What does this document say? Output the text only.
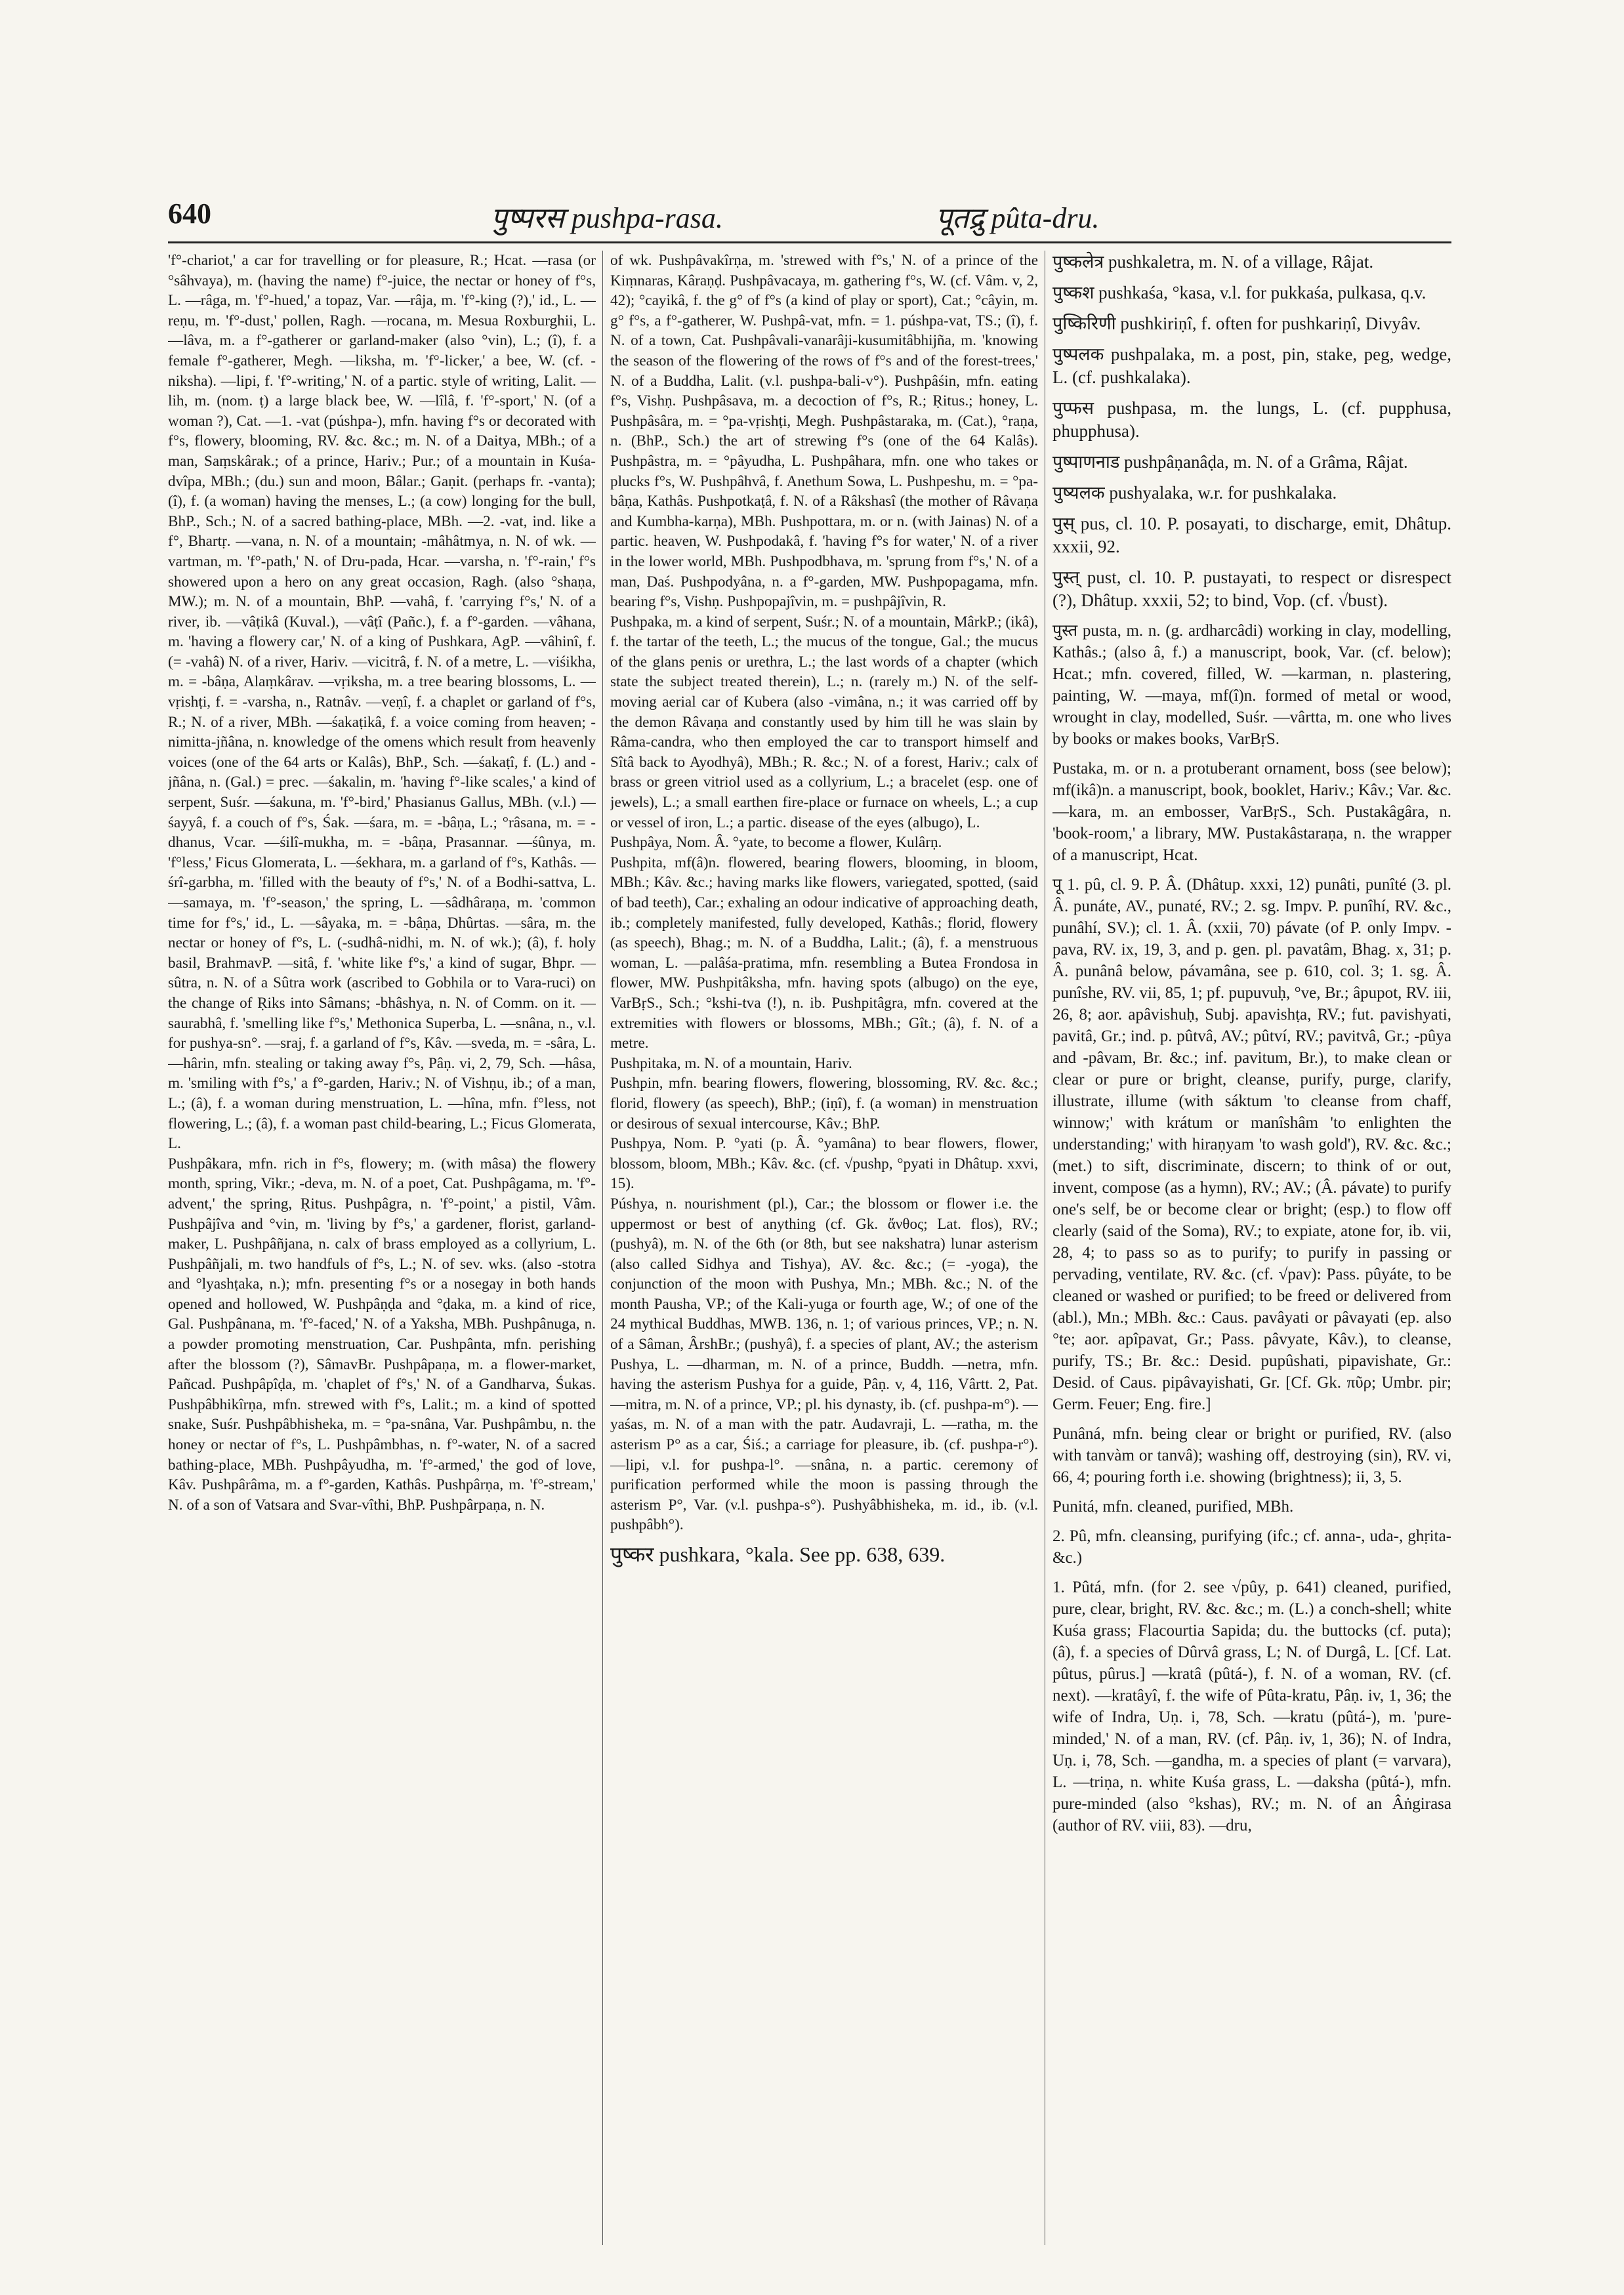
640	पुष्परस pushpa-rasa.	पूतद्रु pûta-dru.

'f°-chariot,' a car for travelling or for pleasure, R.; Hcat. —rasa (or °sâhvaya), m. (having the name) f°-juice, the nectar or honey of f°s, L. —râga, m. 'f°-hued,' a topaz, Var. —râja, m. 'f°-king (?),' id., L. —reṇu, m. 'f°-dust,' pollen, Ragh. —rocana, m. Mesua Roxburghii, L. —lâva, m. a f°-gatherer or garland-maker (also °vin), L.; (î), f. a female f°-gatherer, Megh. —liksha, m. 'f°-licker,' a bee, W. (cf. -niksha). —lipi, f. 'f°-writing,' N. of a partic. style of writing, Lalit. —lih, m. (nom. ṭ) a large black bee, W. —lîlâ, f. 'f°-sport,' N. (of a woman ?), Cat. —1. -vat (púshpa-), mfn. having f°s or decorated with f°s, flowery, blooming, RV. &c. &c.; m. N. of a Daitya, MBh.; of a man, Saṃskârak.; of a prince, Hariv.; Pur.; of a mountain in Kuśa-dvîpa, MBh.; (du.) sun and moon, Bâlar.; Gaṇit. (perhaps fr. -vanta); (î), f. (a woman) having the menses, L.; (a cow) longing for the bull, BhP., Sch.; N. of a sacred bathing-place, MBh. —2. -vat, ind. like a f°, Bhartṛ. —vana, n. N. of a mountain; -mâhâtmya, n. N. of wk. —vartman, m. 'f°-path,' N. of Dru-pada, Hcar. —varsha, n. 'f°-rain,' f°s showered upon a hero on any great occasion, Ragh. (also °shaṇa, MW.); m. N. of a mountain, BhP. —vahâ, f. 'carrying f°s,' N. of a river, ib. —vâṭikâ (Kuval.), —vâṭî (Pañc.), f. a f°-garden. —vâhana, m. 'having a flowery car,' N. of a king of Pushkara, AgP. —vâhinî, f. (= -vahâ) N. of a river, Hariv. —vicitrâ, f. N. of a metre, L. —viśikha, m. = -bâṇa, Alaṃkârav. —vṛiksha, m. a tree bearing blossoms, L. —vṛishṭi, f. = -varsha, n., Ratnâv. —veṇî, f. a chaplet or garland of f°s, R.; N. of a river, MBh. —śakaṭikâ, f. a voice coming from heaven; -nimitta-jñâna, n. knowledge of the omens which result from heavenly voices (one of the 64 arts or Kalâs), BhP., Sch. —śakaṭî, f. (L.) and -jñâna, n. (Gal.) = prec. —śakalin, m. 'having f°-like scales,' a kind of serpent, Suśr. —śakuna, m. 'f°-bird,' Phasianus Gallus, MBh. (v.l.) —śayyâ, f. a couch of f°s, Śak. —śara, m. = -bâṇa, L.; °râsana, m. = -dhanus, Vcar. —śilî-mukha, m. = -bâṇa, Prasannar. —śûnya, m. 'f°less,' Ficus Glomerata, L. —śekhara, m. a garland of f°s, Kathâs. —śrî-garbha, m. 'filled with the beauty of f°s,' N. of a Bodhi-sattva, L. —samaya, m. 'f°-season,' the spring, L. —sâdhâraṇa, m. 'common time for f°s,' id., L. —sâyaka, m. = -bâṇa, Dhûrtas. —sâra, m. the nectar or honey of f°s, L. (-sudhâ-nidhi, m. N. of wk.); (â), f. holy basil, BrahmavP. —sitâ, f. 'white like f°s,' a kind of sugar, Bhpr. —sûtra, n. N. of a Sûtra work (ascribed to Gobhila or to Vara-ruci) on the change of Ṛiks into Sâmans; -bhâshya, n. N. of Comm. on it. —saurabhâ, f. 'smelling like f°s,' Methonica Superba, L. —snâna, n., v.l. for pushya-sn°. —sraj, f. a garland of f°s, Kâv. —sveda, m. = -sâra, L. —hârin, mfn. stealing or taking away f°s, Pâṇ. vi, 2, 79, Sch. —hâsa, m. 'smiling with f°s,' a f°-garden, Hariv.; N. of Vishṇu, ib.; of a man, L.; (â), f. a woman during menstruation, L. —hîna, mfn. f°less, not flowering, L.; (â), f. a woman past child-bearing, L.; Ficus Glomerata, L.

Pushpâkara, mfn. rich in f°s, flowery; m. (with mâsa) the flowery month, spring, Vikr.; -deva, m. N. of a poet, Cat. Pushpâgama, m. 'f°-advent,' the spring, Ṛitus. Pushpâgra, n. 'f°-point,' a pistil, Vâm. Pushpâjîva and °vin, m. 'living by f°s,' a gardener, florist, garland-maker, L. Pushpâñjana, n. calx of brass employed as a collyrium, L. Pushpâñjali, m. two handfuls of f°s, L.; N. of sev. wks. (also -stotra and °lyashṭaka, n.); mfn. presenting f°s or a nosegay in both hands opened and hollowed, W. Pushpâṇḍa and °ḍaka, m. a kind of rice, Gal. Pushpânana, m. 'f°-faced,' N. of a Yaksha, MBh. Pushpânuga, n. a powder promoting menstruation, Car. Pushpânta, mfn. perishing after the blossom (?), SâmavBr. Pushpâpaṇa, m. a flower-market, Pañcad. Pushpâpîḍa, m. 'chaplet of f°s,' N. of a Gandharva, Śukas. Pushpâbhikîrṇa, mfn. strewed with f°s, Lalit.; m. a kind of spotted snake, Suśr. Pushpâbhisheka, m. = °pa-snâna, Var. Pushpâmbu, n. the honey or nectar of f°s, L. Pushpâmbhas, n. f°-water, N. of a sacred bathing-place, MBh. Pushpâyudha, m. 'f°-armed,' the god of love, Kâv. Pushpârâma, m. a f°-garden, Kathâs. Pushpârṇa, m. 'f°-stream,' N. of a son of Vatsara and Svar-vîthi, BhP. Pushpârpaṇa, n. N.

of wk. Pushpâvakîrṇa, m. 'strewed with f°s,' N. of a prince of the Kiṃnaras, Kâraṇḍ. Pushpâvacaya, m. gathering f°s, W. (cf. Vâm. v, 2, 42); °cayikâ, f. the g° of f°s (a kind of play or sport), Cat.; °câyin, m. g° f°s, a f°-gatherer, W. Pushpâ-vat, mfn. = 1. púshpa-vat, TS.; (î), f. N. of a town, Cat. Pushpâvali-vanarâji-kusumitâbhijña, m. 'knowing the season of the flowering of the rows of f°s and of the forest-trees,' N. of a Buddha, Lalit. (v.l. pushpa-bali-v°). Pushpâśin, mfn. eating f°s, Vishṇ. Pushpâsava, m. a decoction of f°s, R.; Ṛitus.; honey, L. Pushpâsâra, m. = °pa-vṛishṭi, Megh. Pushpâstaraka, m. (Cat.), °raṇa, n. (BhP., Sch.) the art of strewing f°s (one of the 64 Kalâs). Pushpâstra, m. = °pâyudha, L. Pushpâhara, mfn. one who takes or plucks f°s, W. Pushpâhvâ, f. Anethum Sowa, L. Pushpeshu, m. = °pa-bâṇa, Kathâs. Pushpotkaṭâ, f. N. of a Râkshasî (the mother of Râvaṇa and Kumbha-karṇa), MBh. Pushpottara, m. or n. (with Jainas) N. of a partic. heaven, W. Pushpodakâ, f. 'having f°s for water,' N. of a river in the lower world, MBh. Pushpodbhava, m. 'sprung from f°s,' N. of a man, Daś. Pushpodyâna, n. a f°-garden, MW. Pushpopagama, mfn. bearing f°s, Vishṇ. Pushpopajîvin, m. = pushpâjîvin, R.

Pushpaka, m. a kind of serpent, Suśr.; N. of a mountain, MârkP.; (ikâ), f. the tartar of the teeth, L.; the mucus of the tongue, Gal.; the mucus of the glans penis or urethra, L.; the last words of a chapter (which state the subject treated therein), L.; n. (rarely m.) N. of the self-moving aerial car of Kubera (also -vimâna, n.; it was carried off by the demon Râvaṇa and constantly used by him till he was slain by Râma-candra, who then employed the car to transport himself and Sîtâ back to Ayodhyâ), MBh.; R. &c.; N. of a forest, Hariv.; calx of brass or green vitriol used as a collyrium, L.; a bracelet (esp. one of jewels), L.; a small earthen fire-place or furnace on wheels, L.; a cup or vessel of iron, L.; a partic. disease of the eyes (albugo), L.

Pushpâya, Nom. Â. °yate, to become a flower, Kulârṇ.

Pushpita, mf(â)n. flowered, bearing flowers, blooming, in bloom, MBh.; Kâv. &c.; having marks like flowers, variegated, spotted, (said of bad teeth), Car.; exhaling an odour indicative of approaching death, ib.; completely manifested, fully developed, Kathâs.; florid, flowery (as speech), Bhag.; m. N. of a Buddha, Lalit.; (â), f. a menstruous woman, L. —palâśa-pratima, mfn. resembling a Butea Frondosa in flower, MW. Pushpitâksha, mfn. having spots (albugo) on the eye, VarBṛS., Sch.; °kshi-tva (!), n. ib. Pushpitâgra, mfn. covered at the extremities with flowers or blossoms, MBh.; Gît.; (â), f. N. of a metre.

Pushpitaka, m. N. of a mountain, Hariv.

Pushpin, mfn. bearing flowers, flowering, blossoming, RV. &c. &c.; florid, flowery (as speech), BhP.; (iṇî), f. (a woman) in menstruation or desirous of sexual intercourse, Kâv.; BhP.

Pushpya, Nom. P. °yati (p. Â. °yamâna) to bear flowers, flower, blossom, bloom, MBh.; Kâv. &c. (cf. √pushp, °pyati in Dhâtup. xxvi, 15).

Púshya, n. nourishment (pl.), Car.; the blossom or flower i.e. the uppermost or best of anything (cf. Gk. ἄνθος; Lat. flos), RV.; (pushyâ), m. N. of the 6th (or 8th, but see nakshatra) lunar asterism (also called Sidhya and Tishya), AV. &c. &c.; (= -yoga), the conjunction of the moon with Pushya, Mn.; MBh. &c.; N. of the month Pausha, VP.; of the Kali-yuga or fourth age, W.; of one of the 24 mythical Buddhas, MWB. 136, n. 1; of various princes, VP.; n. N. of a Sâman, ÂrshBr.; (pushyâ), f. a species of plant, AV.; the asterism Pushya, L. —dharman, m. N. of a prince, Buddh. —netra, mfn. having the asterism Pushya for a guide, Pâṇ. v, 4, 116, Vârtt. 2, Pat. —mitra, m. N. of a prince, VP.; pl. his dynasty, ib. (cf. pushpa-m°). —yaśas, m. N. of a man with the patr. Audavraji, L. —ratha, m. the asterism P° as a car, Śiś.; a carriage for pleasure, ib. (cf. pushpa-r°). —lipi, v.l. for pushpa-l°. —snâna, n. a partic. ceremony of purification performed while the moon is passing through the asterism P°, Var. (v.l. pushpa-s°). Pushyâbhisheka, m. id., ib. (v.l. pushpâbh°).

पुष्कर pushkara, °kala. See pp. 638, 639.

पुष्कलेत्र pushkaletra, m. N. of a village, Râjat.

पुष्कश pushkaśa, °kasa, v.l. for pukkaśa, pulkasa, q.v.

पुष्किरिणी pushkiriṇî, f. often for pushkariṇî, Divyâv.

पुष्पलक pushpalaka, m. a post, pin, stake, peg, wedge, L. (cf. pushkalaka).

पुप्फस pushpasa, m. the lungs, L. (cf. pupphusa, phupphusa).

पुष्पाणनाड pushpâṇanâḍa, m. N. of a Grâma, Râjat.

पुष्यलक pushyalaka, w.r. for pushkalaka.

पुस् pus, cl. 10. P. posayati, to discharge, emit, Dhâtup. xxxii, 92.

पुस्त् pust, cl. 10. P. pustayati, to respect or disrespect (?), Dhâtup. xxxii, 52; to bind, Vop. (cf. √bust).

पुस्त pusta, m. n. (g. ardharcâdi) working in clay, modelling, Kathâs.; (also â, f.) a manuscript, book, Var. (cf. below); Hcat.; mfn. covered, filled, W. —karman, n. plastering, painting, W. —maya, mf(î)n. formed of metal or wood, wrought in clay, modelled, Suśr. —vârtta, m. one who lives by books or makes books, VarBṛS.

Pustaka, m. or n. a protuberant ornament, boss (see below); mf(ikâ)n. a manuscript, book, booklet, Hariv.; Kâv.; Var. &c. —kara, m. an embosser, VarBṛS., Sch. Pustakâgâra, n. 'book-room,' a library, MW. Pustakâstaraṇa, n. the wrapper of a manuscript, Hcat.

पू 1. pû, cl. 9. P. Â. (Dhâtup. xxxi, 12) punâti, punîté (3. pl. Â. punáte, AV., punaté, RV.; 2. sg. Impv. P. punîhí, RV. &c., punâhí, SV.); cl. 1. Â. (xxii, 70) pávate (of P. only Impv. -pava, RV. ix, 19, 3, and p. gen. pl. pavatâm, Bhag. x, 31; p. Â. punânâ below, pávamâna, see p. 610, col. 3; 1. sg. Â. punîshe, RV. vii, 85, 1; pf. pupuvuḥ, °ve, Br.; âpupot, RV. iii, 26, 8; aor. apâvishuḥ, Subj. apavishṭa, RV.; fut. pavishyati, pavitâ, Gr.; ind. p. pûtvâ, AV.; pûtví, RV.; pavitvâ, Gr.; -pûya and -pâvam, Br. &c.; inf. pavitum, Br.), to make clean or clear or pure or bright, cleanse, purify, purge, clarify, illustrate, illume (with sáktum 'to cleanse from chaff, winnow;' with krátum or manîshâm 'to enlighten the understanding;' with hiraṇyam 'to wash gold'), RV. &c. &c.; (met.) to sift, discriminate, discern; to think of or out, invent, compose (as a hymn), RV.; AV.; (Â. pávate) to purify one's self, be or become clear or bright; (esp.) to flow off clearly (said of the Soma), RV.; to expiate, atone for, ib. vii, 28, 4; to pass so as to purify; to purify in passing or pervading, ventilate, RV. &c. (cf. √pav): Pass. pûyáte, to be cleaned or washed or purified; to be freed or delivered from (abl.), Mn.; MBh. &c.: Caus. pavâyati or pâvayati (ep. also °te; aor. apîpavat, Gr.; Pass. pâvyate, Kâv.), to cleanse, purify, TS.; Br. &c.: Desid. pupûshati, pipavishate, Gr.: Desid. of Caus. pipâvayishati, Gr. [Cf. Gk. πῦρ; Umbr. pir; Germ. Feuer; Eng. fire.]

Punâná, mfn. being clear or bright or purified, RV. (also with tanvàm or tanvâ); washing off, destroying (sin), RV. vi, 66, 4; pouring forth i.e. showing (brightness); ii, 3, 5.

Punitá, mfn. cleaned, purified, MBh.

2. Pû, mfn. cleansing, purifying (ifc.; cf. anna-, uda-, ghṛita- &c.)

1. Pûtá, mfn. (for 2. see √pûy, p. 641) cleaned, purified, pure, clear, bright, RV. &c. &c.; m. (L.) a conch-shell; white Kuśa grass; Flacourtia Sapida; du. the buttocks (cf. puta); (â), f. a species of Dûrvâ grass, L; N. of Durgâ, L. [Cf. Lat. pûtus, pûrus.] —kratâ (pûtá-), f. N. of a woman, RV. (cf. next). —kratâyî, f. the wife of Pûta-kratu, Pâṇ. iv, 1, 36; the wife of Indra, Uṇ. i, 78, Sch. —kratu (pûtá-), m. 'pure-minded,' N. of a man, RV. (cf. Pâṇ. iv, 1, 36); N. of Indra, Uṇ. i, 78, Sch. —gandha, m. a species of plant (= varvara), L. —triṇa, n. white Kuśa grass, L. —daksha (pûtá-), mfn. pure-minded (also °kshas), RV.; m. N. of an Âṅgirasa (author of RV. viii, 83). —dru,
